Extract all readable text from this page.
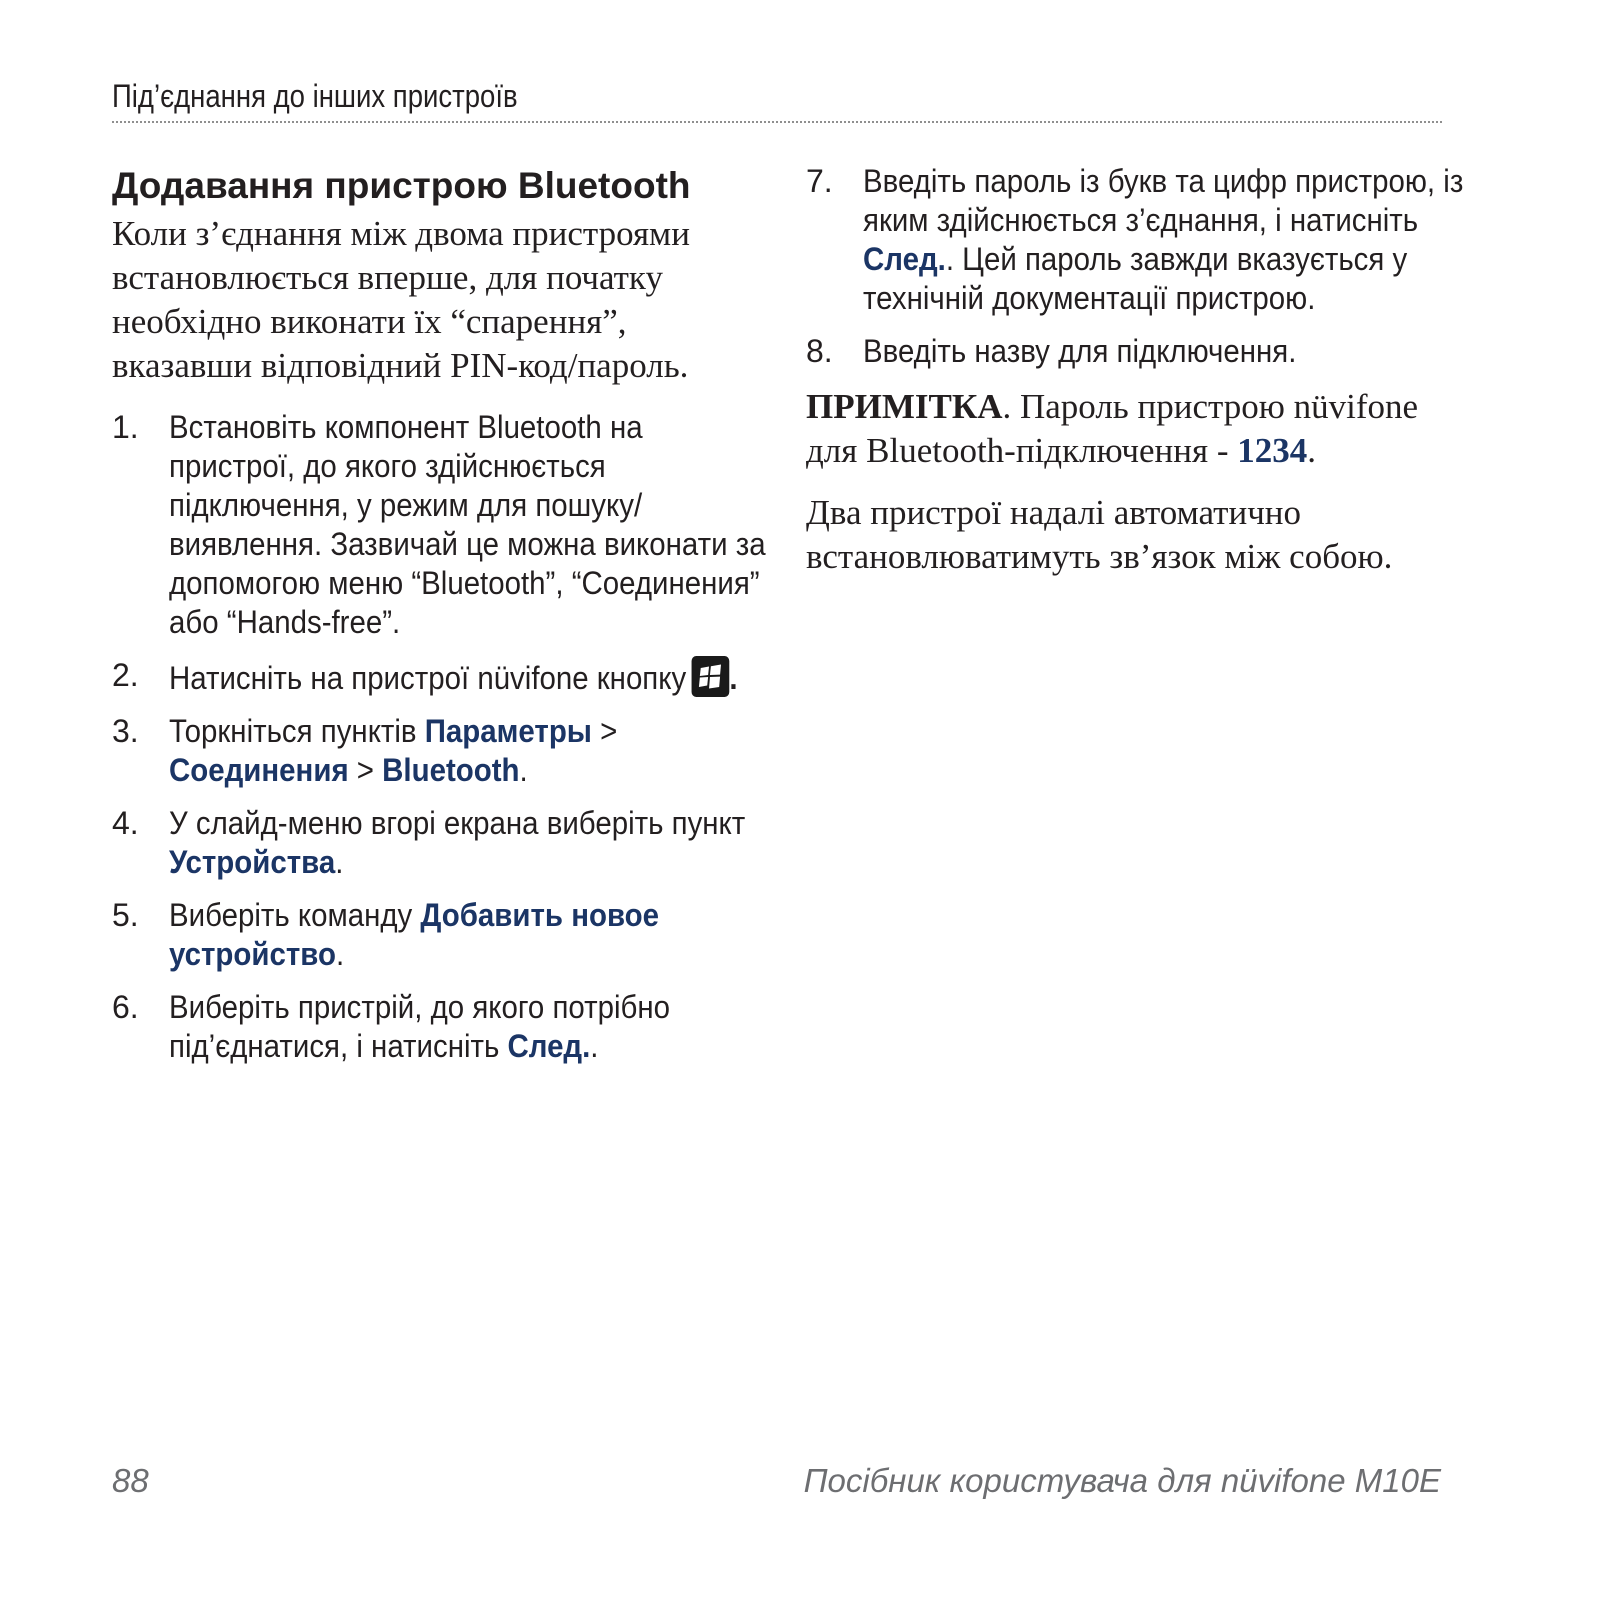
Під’єднання до інших пристроїв
Додавання пристрою Bluetooth

Коли з’єднання між двома пристроями встановлюється вперше, для початку необхідно виконати їх “спарення”, вказавши відповідний PIN-код/пароль.

1. Встановіть компонент Bluetooth на пристрої, до якого здійснюється підключення, у режим для пошуку/виявлення. Зазвичай це можна виконати за допомогою меню “Bluetooth”, “Соединения” або “Hands-free”.
2. Натисніть на пристрої nüvifone кнопку .
3. Торкніться пунктів Параметры > Соединения > Bluetooth.
4. У слайд-меню вгорі екрана виберіть пункт Устройства.
5. Виберіть команду Добавить новое устройство.
6. Виберіть пристрій, до якого потрібно під’єднатися, і натисніть След..
7. Введіть пароль із букв та цифр пристрою, із яким здійснюється з’єднання, і натисніть След.. Цей пароль завжди вказується у технічній документації пристрою.
8. Введіть назву для підключення.

ПРИМІТКА. Пароль пристрою nüvifone для Bluetooth-підключення - 1234.

Два пристрої надалі автоматично встановлюватимуть зв’язок між собою.

88	Посібник користувача для nüvifone M10E
